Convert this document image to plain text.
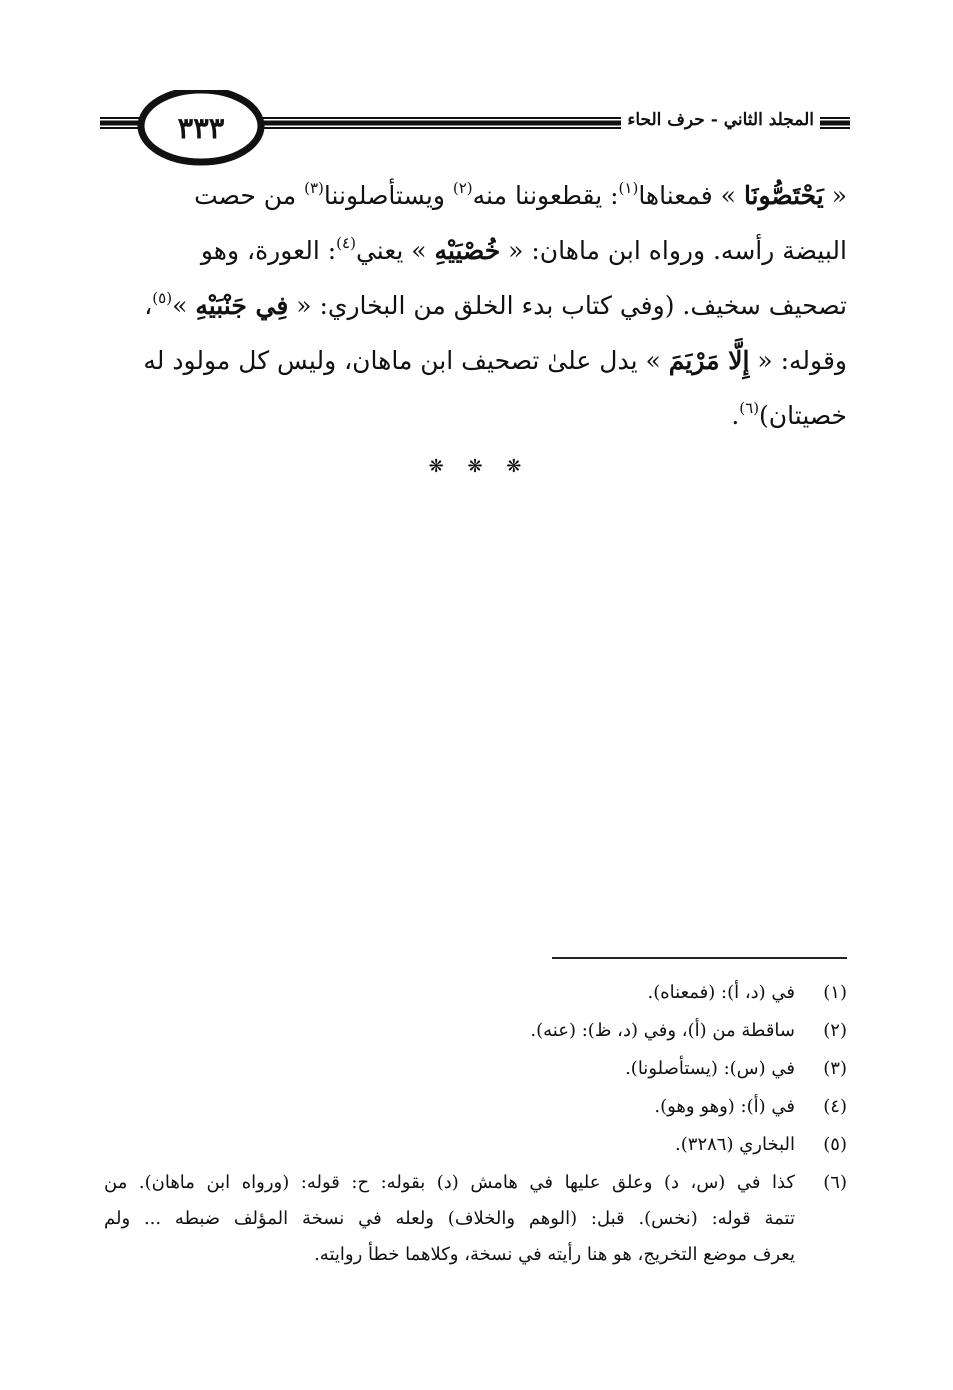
٣٣٣	المجلد الثاني - حرف الحاء
« يَحْتَصُّونَا » فمعناها$^{(١)}$: يقطعوننا منه$^{(٢)}$ ويستأصلوننا$^{(٣)}$ من حصت
البيضة رأسه. ورواه ابن ماهان: « خُصْيَيْهِ » يعني$^{(٤)}$: العورة، وهو
تصحيف سخيف. (وفي كتاب بدء الخلق من البخاري: « فِي جَنْبَيْهِ »$^{(٥)}$،
وقوله: « إِلَّا مَرْيَمَ » يدل علىٰ تصحيف ابن ماهان، وليس كل مولود له
خصيتان)$^{(٦)}$.
❋ ❋ ❋
(١)
في (د، أ): (فمعناه).
(٢)
ساقطة من (أ)، وفي (د، ظ): (عنه).
(٣)
في (س): (يستأصلونا).
(٤)
في (أ): (وهو وهو).
(٥)
البخاري (٣٢٨٦).
(٦)
كذا في (س، د) وعلق عليها في هامش (د) بقوله: ح: قوله: (ورواه ابن ماهان). من
تتمة قوله: (نخس). قبل: (الوهم والخلاف) ولعله في نسخة المؤلف ضبطه ... ولم
يعرف موضع التخريج، هو هنا رأيته في نسخة، وكلاهما خطأ روايته.
